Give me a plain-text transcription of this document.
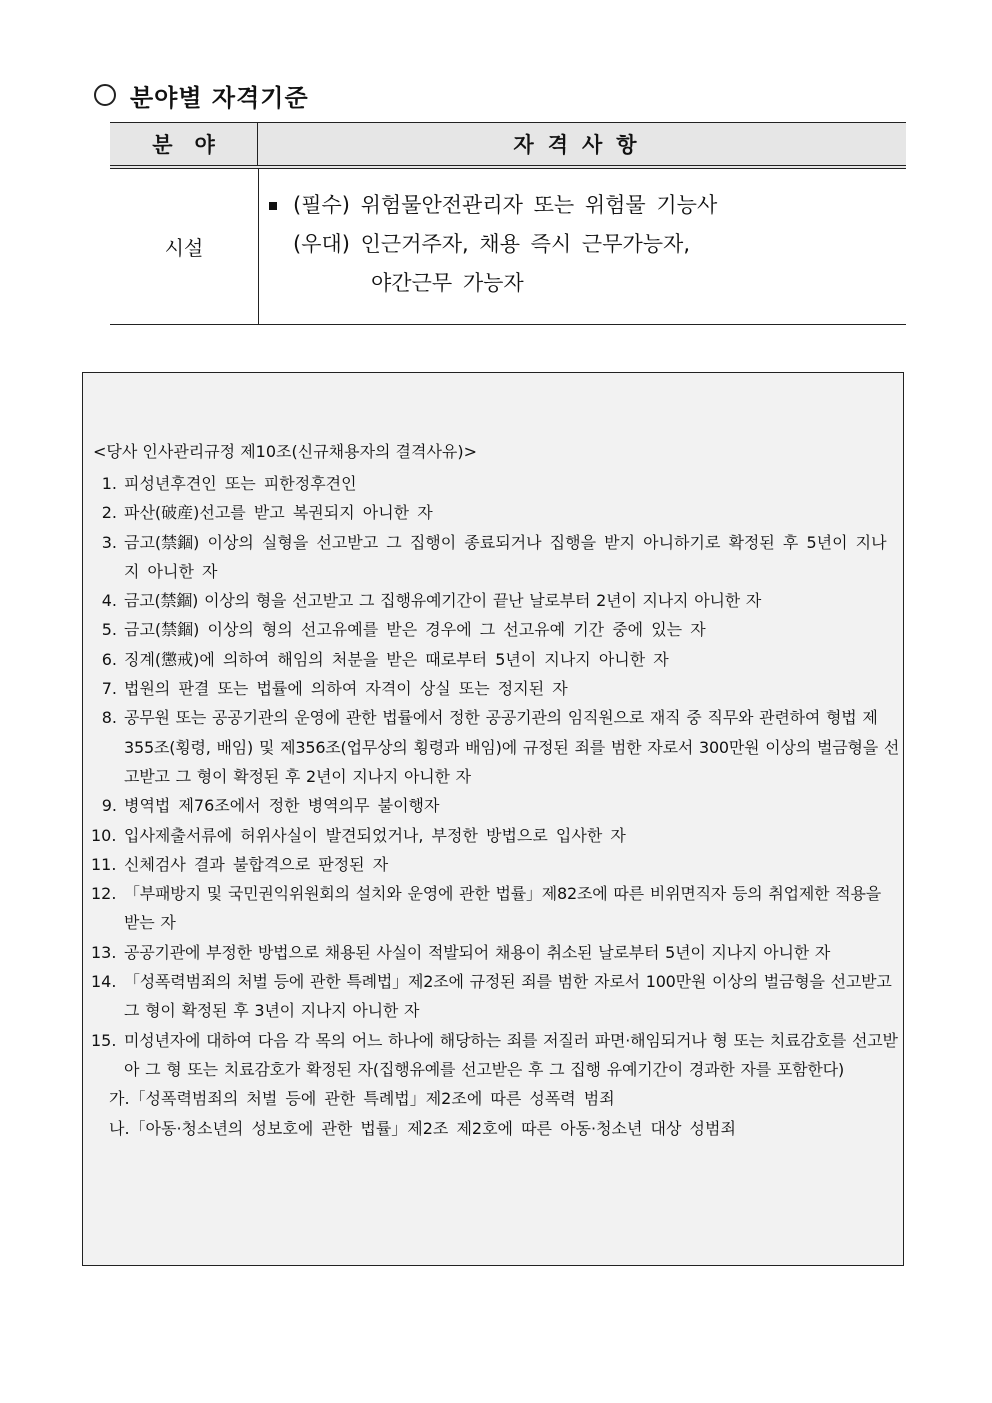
분야별 자격기준
분야	자격사항
시설
(필수) 위험물안전관리자 또는 위험물 기능사
(우대) 인근거주자, 채용 즉시 근무가능자,
야간근무 가능자
<당사 인사관리규정 제10조(신규채용자의 결격사유)>
1. 피성년후견인 또는 피한정후견인
2. 파산(破産)선고를 받고 복권되지 아니한 자
3. 금고(禁錮) 이상의 실형을 선고받고 그 집행이 종료되거나 집행을 받지 아니하기로 확정된 후 5년이 지나지 아니한 자
4. 금고(禁錮) 이상의 형을 선고받고 그 집행유예기간이 끝난 날로부터 2년이 지나지 아니한 자
5. 금고(禁錮) 이상의 형의 선고유예를 받은 경우에 그 선고유예 기간 중에 있는 자
6. 징계(懲戒)에 의하여 해임의 처분을 받은 때로부터 5년이 지나지 아니한 자
7. 법원의 판결 또는 법률에 의하여 자격이 상실 또는 정지된 자
8. 공무원 또는 공공기관의 운영에 관한 법률에서 정한 공공기관의 임직원으로 재직 중 직무와 관련하여 형법 제355조(횡령, 배임) 및 제356조(업무상의 횡령과 배임)에 규정된 죄를 범한 자로서 300만원 이상의 벌금형을 선고받고 그 형이 확정된 후 2년이 지나지 아니한 자
9. 병역법 제76조에서 정한 병역의무 불이행자
10. 입사제출서류에 허위사실이 발견되었거나, 부정한 방법으로 입사한 자
11. 신체검사 결과 불합격으로 판정된 자
12. 「부패방지 및 국민권익위원회의 설치와 운영에 관한 법률」제82조에 따른 비위면직자 등의 취업제한 적용을 받는 자
13. 공공기관에 부정한 방법으로 채용된 사실이 적발되어 채용이 취소된 날로부터 5년이 지나지 아니한 자
14. 「성폭력범죄의 처벌 등에 관한 특례법」제2조에 규정된 죄를 범한 자로서 100만원 이상의 벌금형을 선고받고 그 형이 확정된 후 3년이 지나지 아니한 자
15. 미성년자에 대하여 다음 각 목의 어느 하나에 해당하는 죄를 저질러 파면·해임되거나 형 또는 치료감호를 선고받아 그 형 또는 치료감호가 확정된 자(집행유예를 선고받은 후 그 집행 유예기간이 경과한 자를 포함한다)
가.「성폭력범죄의 처벌 등에 관한 특례법」제2조에 따른 성폭력 범죄
나.「아동·청소년의 성보호에 관한 법률」제2조 제2호에 따른 아동·청소년 대상 성범죄
